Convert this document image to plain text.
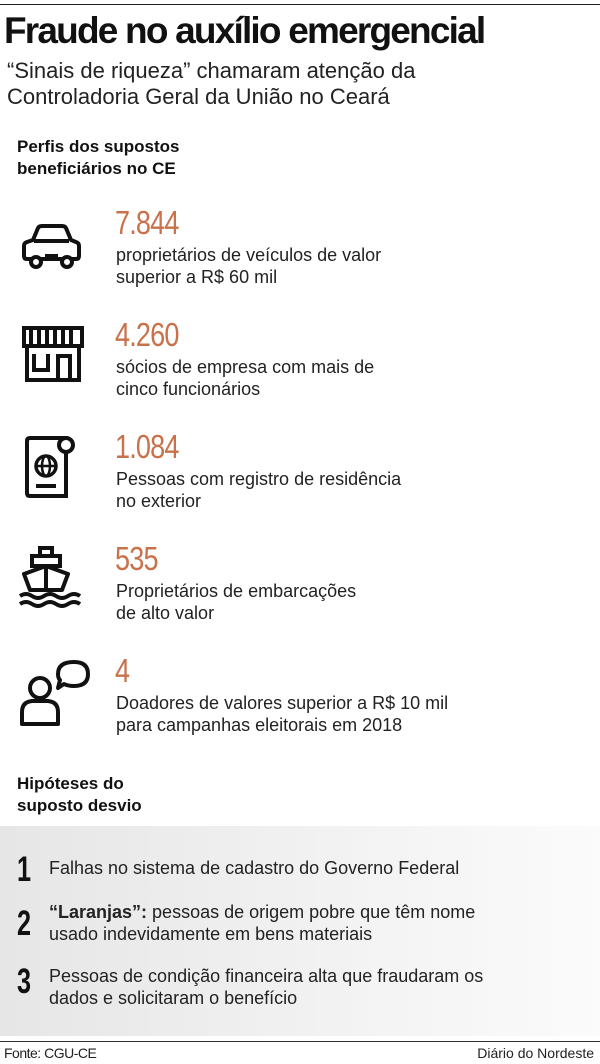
Fraude no auxílio emergencial
“Sinais de riqueza” chamaram atenção da
Controladoria Geral da União no Ceará
Perfis dos supostos
beneficiários no CE
7.844
proprietários de veículos de valor
superior a R$ 60 mil
4.260
sócios de empresa com mais de
cinco funcionários
1.084
Pessoas com registro de residência
no exterior
535
Proprietários de embarcações
de alto valor
4
Doadores de valores superior a R$ 10 mil
para campanhas eleitorais em 2018
Hipóteses do
suposto desvio
1 Falhas no sistema de cadastro do Governo Federal
2 “Laranjas”: pessoas de origem pobre que têm nome
usado indevidamente em bens materiais
3 Pessoas de condição financeira alta que fraudaram os
dados e solicitaram o benefício
Fonte: CGU-CE	Diário do Nordeste
